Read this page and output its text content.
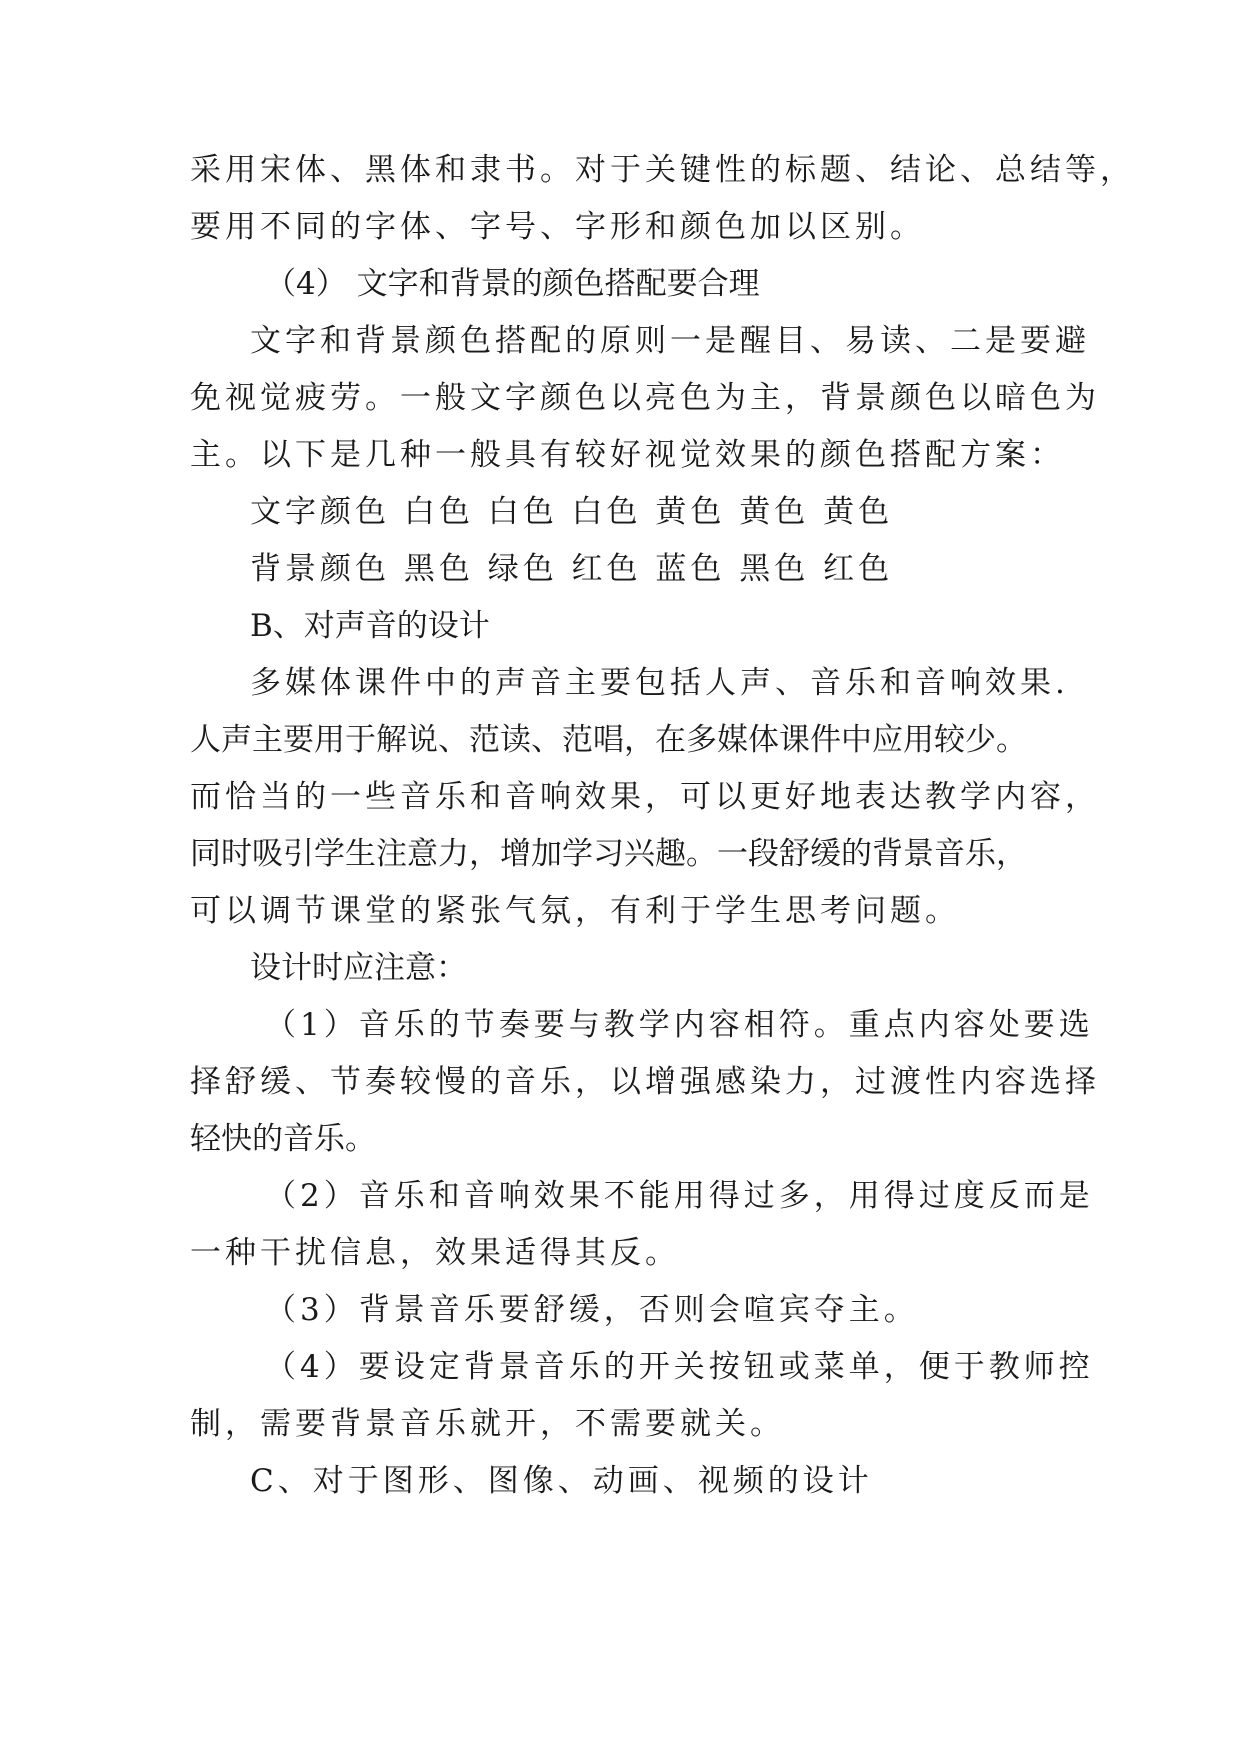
采用宋体、黑体和隶书。对于关键性的标题、结论、总结等，

要用不同的字体、字号、字形和颜色加以区别。

（4） 文字和背景的颜色搭配要合理

文字和背景颜色搭配的原则一是醒目、易读、二是要避

免视觉疲劳。一般文字颜色以亮色为主，背景颜色以暗色为

主。以下是几种一般具有较好视觉效果的颜色搭配方案：

文字颜色 白色 白色 白色 黄色 黄色 黄色

背景颜色 黑色 绿色 红色 蓝色 黑色 红色

B、对声音的设计

多媒体课件中的声音主要包括人声、音乐和音响效果.

人声主要用于解说、范读、范唱，在多媒体课件中应用较少。

而恰当的一些音乐和音响效果，可以更好地表达教学内容，

同时吸引学生注意力，增加学习兴趣。一段舒缓的背景音乐，

可以调节课堂的紧张气氛，有利于学生思考问题。

设计时应注意：

（1）音乐的节奏要与教学内容相符。重点内容处要选

择舒缓、节奏较慢的音乐，以增强感染力，过渡性内容选择

轻快的音乐。

（2）音乐和音响效果不能用得过多，用得过度反而是

一种干扰信息，效果适得其反。

（3）背景音乐要舒缓，否则会喧宾夺主。

（4）要设定背景音乐的开关按钮或菜单，便于教师控

制，需要背景音乐就开，不需要就关。

C、对于图形、图像、动画、视频的设计
